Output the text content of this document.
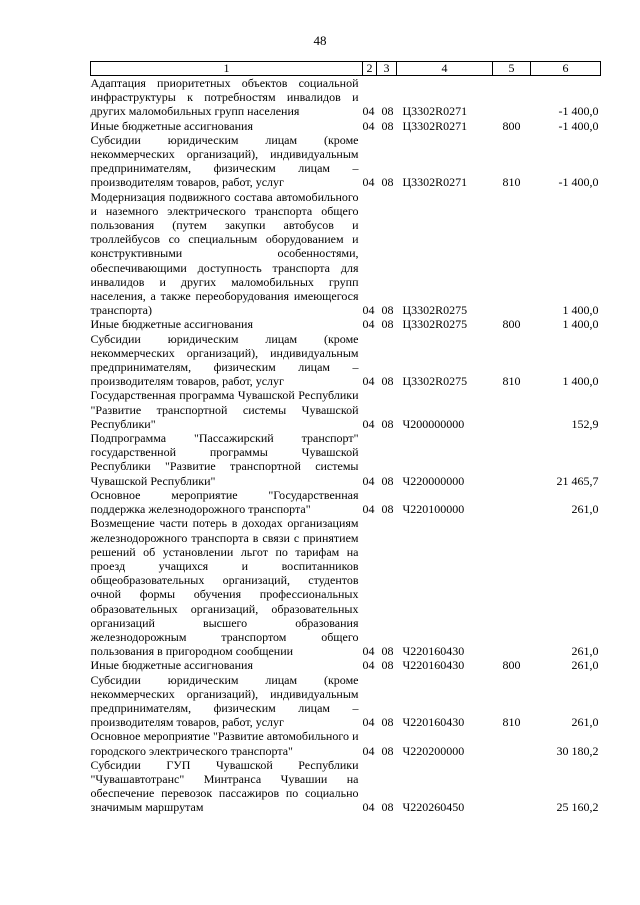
48
1	2	3	4	5	6
Адаптация приоритетных объектов социальной инфраструктуры к потребностям инвалидов и других маломобильных групп населения	04	08	Ц3302R0271		-1 400,0
Иные бюджетные ассигнования	04	08	Ц3302R0271	800	-1 400,0
Субсидии юридическим лицам (кроме некоммерческих организаций), индивидуальным предпринимателям, физическим лицам – производителям товаров, работ, услуг	04	08	Ц3302R0271	810	-1 400,0
Модернизация подвижного состава автомобильного и наземного электрического транспорта общего пользования (путем закупки автобусов и троллейбусов со специальным оборудованием и конструктивными особенностями, обеспечивающими доступность транспорта для инвалидов и других маломобильных групп населения, а также переоборудования имеющегося транспорта)	04	08	Ц3302R0275		1 400,0
Иные бюджетные ассигнования	04	08	Ц3302R0275	800	1 400,0
Субсидии юридическим лицам (кроме некоммерческих организаций), индивидуальным предпринимателям, физическим лицам – производителям товаров, работ, услуг	04	08	Ц3302R0275	810	1 400,0
Государственная программа Чувашской Республики "Развитие транспортной системы Чувашской Республики"	04	08	Ч200000000		152,9
Подпрограмма "Пассажирский транспорт" государственной программы Чувашской Республики "Развитие транспортной системы Чувашской Республики"	04	08	Ч220000000		21 465,7
Основное мероприятие "Государственная поддержка железнодорожного транспорта"	04	08	Ч220100000		261,0
Возмещение части потерь в доходах организациям железнодорожного транспорта в связи с принятием решений об установлении льгот по тарифам на проезд учащихся и воспитанников общеобразовательных организаций, студентов очной формы обучения профессиональных образовательных организаций, образовательных организаций высшего образования железнодорожным транспортом общего пользования в пригородном сообщении	04	08	Ч220160430		261,0
Иные бюджетные ассигнования	04	08	Ч220160430	800	261,0
Субсидии юридическим лицам (кроме некоммерческих организаций), индивидуальным предпринимателям, физическим лицам – производителям товаров, работ, услуг	04	08	Ч220160430	810	261,0
Основное мероприятие "Развитие автомобильного и городского электрического транспорта"	04	08	Ч220200000		30 180,2
Субсидии ГУП Чувашской Республики "Чувашавтотранс" Минтранса Чувашии на обеспечение перевозок пассажиров по социально значимым маршрутам	04	08	Ч220260450		25 160,2
